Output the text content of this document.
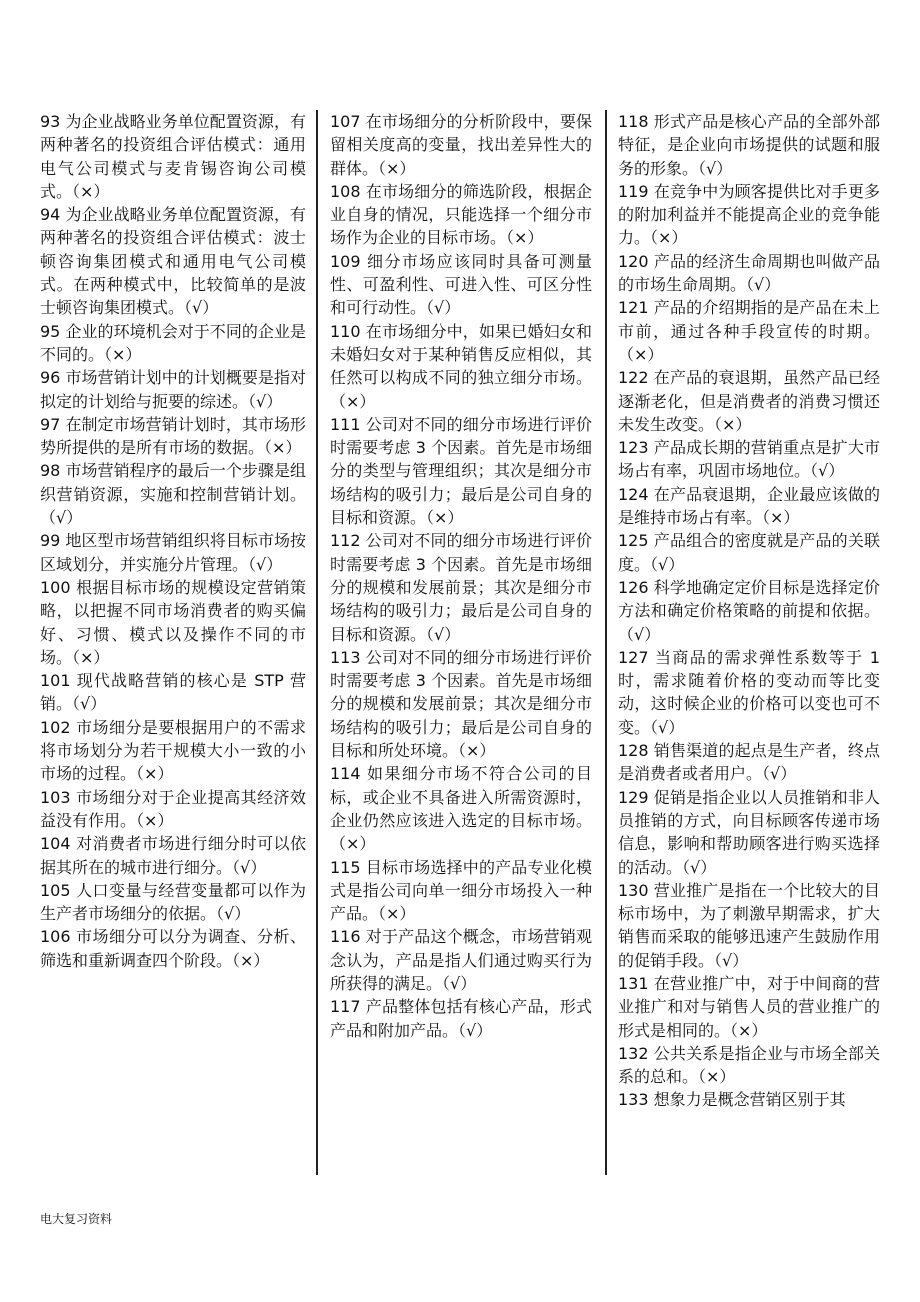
93 为企业战略业务单位配置资源，有两种著名的投资组合评估模式：通用电气公司模式与麦肯锡咨询公司模式。（×）

94 为企业战略业务单位配置资源，有两种著名的投资组合评估模式：波士顿咨询集团模式和通用电气公司模式。在两种模式中，比较简单的是波士顿咨询集团模式。（√）

95 企业的环境机会对于不同的企业是不同的。（×）

96 市场营销计划中的计划概要是指对拟定的计划给与扼要的综述。（√）

97 在制定市场营销计划时，其市场形势所提供的是所有市场的数据。（×）

98 市场营销程序的最后一个步骤是组织营销资源，实施和控制营销计划。（√）

99 地区型市场营销组织将目标市场按区域划分，并实施分片管理。（√）

100 根据目标市场的规模设定营销策略，以把握不同市场消费者的购买偏好、习惯、模式以及操作不同的市场。（×）

101 现代战略营销的核心是 STP 营销。（√）

102 市场细分是要根据用户的不需求将市场划分为若干规模大小一致的小市场的过程。（×）

103 市场细分对于企业提高其经济效益没有作用。（×）

104 对消费者市场进行细分时可以依据其所在的城市进行细分。（√）

105 人口变量与经营变量都可以作为生产者市场细分的依据。（√）

106 市场细分可以分为调查、分析、筛选和重新调查四个阶段。（×）

107 在市场细分的分析阶段中，要保留相关度高的变量，找出差异性大的群体。（×）

108 在市场细分的筛选阶段，根据企业自身的情况，只能选择一个细分市场作为企业的目标市场。（×）

109 细分市场应该同时具备可测量性、可盈利性、可进入性、可区分性和可行动性。（√）

110 在市场细分中，如果已婚妇女和未婚妇女对于某种销售反应相似，其任然可以构成不同的独立细分市场。（×）

111 公司对不同的细分市场进行评价时需要考虑 3 个因素。首先是市场细分的类型与管理组织；其次是细分市场结构的吸引力；最后是公司自身的目标和资源。（×）

112 公司对不同的细分市场进行评价时需要考虑 3 个因素。首先是市场细分的规模和发展前景；其次是细分市场结构的吸引力；最后是公司自身的目标和资源。（√）

113 公司对不同的细分市场进行评价时需要考虑 3 个因素。首先是市场细分的规模和发展前景；其次是细分市场结构的吸引力；最后是公司自身的目标和所处环境。（×）

114 如果细分市场不符合公司的目标，或企业不具备进入所需资源时，企业仍然应该进入选定的目标市场。（×）

115 目标市场选择中的产品专业化模式是指公司向单一细分市场投入一种产品。（×）

116 对于产品这个概念，市场营销观念认为，产品是指人们通过购买行为所获得的满足。（√）

117 产品整体包括有核心产品，形式产品和附加产品。（√）

118 形式产品是核心产品的全部外部特征，是企业向市场提供的试题和服务的形象。（√）

119 在竞争中为顾客提供比对手更多的附加利益并不能提高企业的竞争能力。（×）

120 产品的经济生命周期也叫做产品的市场生命周期。（√）

121 产品的介绍期指的是产品在未上市前，通过各种手段宣传的时期。（×）

122 在产品的衰退期，虽然产品已经逐渐老化，但是消费者的消费习惯还未发生改变。（×）

123 产品成长期的营销重点是扩大市场占有率，巩固市场地位。（√）

124 在产品衰退期，企业最应该做的是维持市场占有率。（×）

125 产品组合的密度就是产品的关联度。（√）

126 科学地确定定价目标是选择定价方法和确定价格策略的前提和依据。（√）

127 当商品的需求弹性系数等于 1 时，需求随着价格的变动而等比变动，这时候企业的价格可以变也可不变。（√）

128 销售渠道的起点是生产者，终点是消费者或者用户。（√）

129 促销是指企业以人员推销和非人员推销的方式，向目标顾客传递市场信息，影响和帮助顾客进行购买选择的活动。（√）

130 营业推广是指在一个比较大的目标市场中，为了刺激早期需求，扩大销售而采取的能够迅速产生鼓励作用的促销手段。（√）

131 在营业推广中，对于中间商的营业推广和对与销售人员的营业推广的形式是相同的。（×）

132 公共关系是指企业与市场全部关系的总和。（×）

133 想象力是概念营销区别于其

电大复习资料
